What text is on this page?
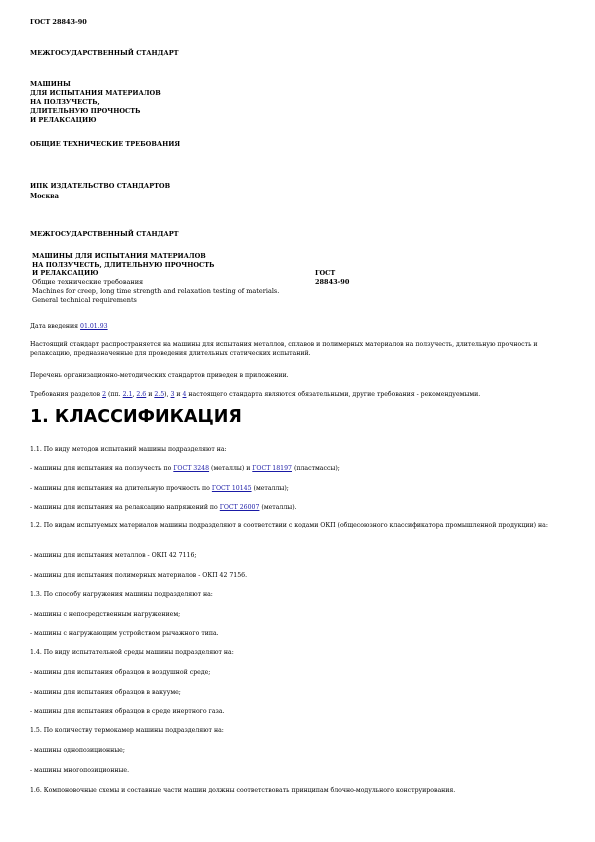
ГОСТ 28843-90
МЕЖГОСУДАРСТВЕННЫЙ СТАНДАРТ
МАШИНЫ
ДЛЯ ИСПЫТАНИЯ МАТЕРИАЛОВ
НА ПОЛЗУЧЕСТЬ,
ДЛИТЕЛЬНУЮ ПРОЧНОСТЬ
И РЕЛАКСАЦИЮ
ОБЩИЕ ТЕХНИЧЕСКИЕ ТРЕБОВАНИЯ
ИПК ИЗДАТЕЛЬСТВО СТАНДАРТОВ
Москва
МЕЖГОСУДАРСТВЕННЫЙ СТАНДАРТ
МАШИНЫ ДЛЯ ИСПЫТАНИЯ МАТЕРИАЛОВ
НА ПОЛЗУЧЕСТЬ, ДЛИТЕЛЬНУЮ ПРОЧНОСТЬ
И РЕЛАКСАЦИЮ
Общие технические требования
Machines for creep, long time strength and relaxation testing of materials.
General technical requirements
ГОСТ
28843-90
Дата введения 01.01.93
Настоящий стандарт распространяется на машины для испытания металлов, сплавов и полимерных материалов на ползучесть, длительную прочность и релаксацию, предназначенные для проведения длительных статических испытаний.
Перечень организационно-методических стандартов приведен в приложении.
Требования разделов 2 (пп. 2.1, 2.6 и 2.5), 3 и 4 настоящего стандарта являются обязательными, другие требования - рекомендуемыми.
1. КЛАССИФИКАЦИЯ
1.1. По виду методов испытаний машины подразделяют на:
- машины для испытания на ползучесть по ГОСТ 3248 (металлы) и ГОСТ 18197 (пластмассы);
- машины для испытания на длительную прочность по ГОСТ 10145 (металлы);
- машины для испытания на релаксацию напряжений по ГОСТ 26007 (металлы).
1.2. По видам испытуемых материалов машины подразделяют в соответствии с кодами ОКП (общесоюзного классификатора промышленной продукции) на:
- машины для испытания металлов - ОКП 42 7116;
- машины для испытания полимерных материалов - ОКП 42 7156.
1.3. По способу нагружения машины подразделяют на:
- машины с непосредственным нагружением;
- машины с нагружающим устройством рычажного типа.
1.4. По виду испытательной среды машины подразделяют на:
- машины для испытания образцов в воздушной среде;
- машины для испытания образцов в вакууме;
- машины для испытания образцов в среде инертного газа.
1.5. По количеству термокамер машины подразделяют на:
- машины однопозиционные;
- машины многопозиционные.
1.6. Компоновочные схемы и составные части машин должны соответствовать принципам блочно-модульного конструирования.
